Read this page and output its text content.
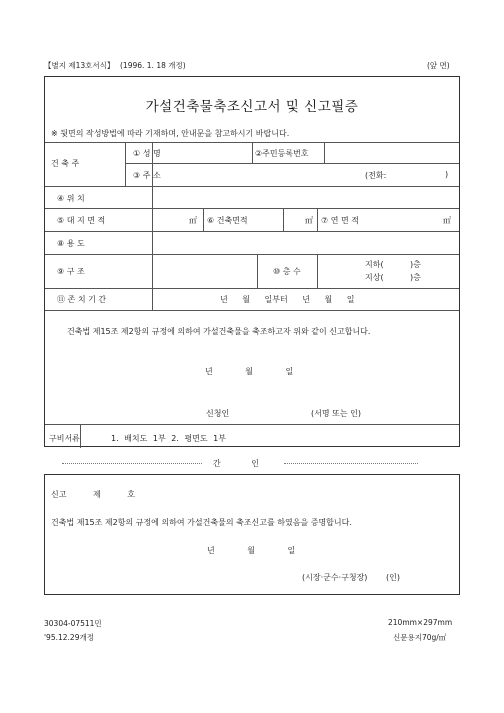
【별지 제13호서식】 (1996. 1. 18 개정)	(앞 면)
가설건축물축조신고서 및 신고필증
※ 뒷면의 작성방법에 따라 기재하며, 안내문을 참고하시기 바랍니다.
건 축 주
① 성 명	②주민등록번호
③ 주 소	(전화:	)
④ 위 치
⑤ 대 지 면 적	㎡ ⑥ 건축면적	㎡ ⑦ 연 면 적	㎡
⑧ 용 도
⑨ 구 조	⑩ 층 수
지하(	)층
지상(	)층
⑪ 존 치 기 간	년 월 일부터 년 월 일
건축법 제15조 제2항의 규정에 의하여 가설건축물을 축조하고자 위와 같이 신고합니다.
년 월 일
신청인	(서명 또는 인)
구비서류	1. 배치도 1부 2. 평면도 1부
간 인
신고 제 호
건축법 제15조 제2항의 규정에 의하여 가설건축물의 축조신고를 하였음을 증명합니다.
년 월 일
(시장·군수·구청장) (인)
30304-07511민
'95.12.29개정
210mm×297mm
신문용지70g/㎡
